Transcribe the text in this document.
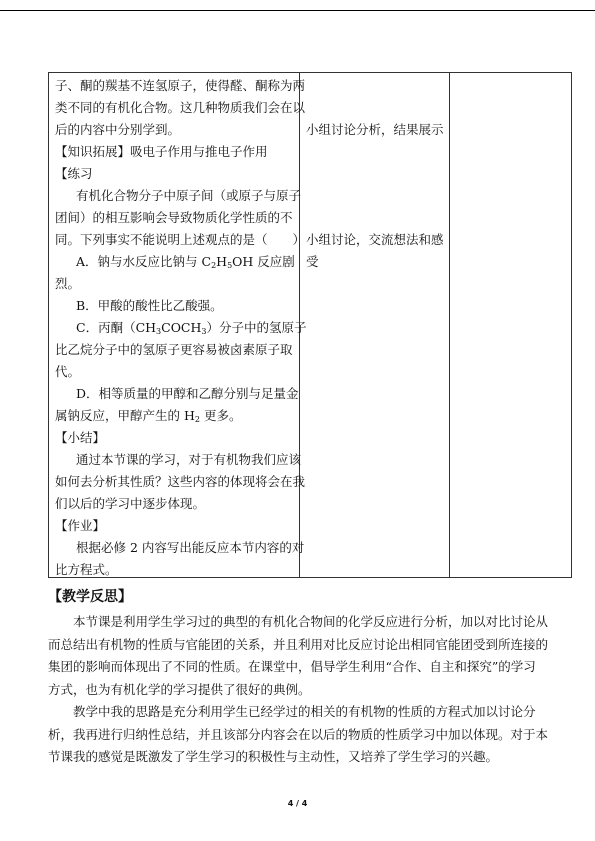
子、酮的羰基不连氢原子，使得醛、酮称为两
类不同的有机化合物。这几种物质我们会在以
后的内容中分别学到。
【知识拓展】吸电子作用与推电子作用
【练习
有机化合物分子中原子间（或原子与原子
团间）的相互影响会导致物质化学性质的不
同。下列事实不能说明上述观点的是（　　）
A．钠与水反应比钠与 $C_2H_5OH$ 反应剧
烈。
B．甲酸的酸性比乙酸强。
C．丙酮$(CH_3COCH_3)$分子中的氢原子
比乙烷分子中的氢原子更容易被卤素原子取
代。
D．相等质量的甲醇和乙醇分别与足量金
属钠反应，甲醇产生的 $H_2$ 更多。
【小结】
通过本节课的学习，对于有机物我们应该
如何去分析其性质？这些内容的体现将会在我
们以后的学习中逐步体现。
【作业】
根据必修 2 内容写出能反应本节内容的对
比方程式。
小组讨论分析，结果展示
小组讨论，交流想法和感
受
【教学反思】
本节课是利用学生学习过的典型的有机化合物间的化学反应进行分析，加以对比讨论从
而总结出有机物的性质与官能团的关系，并且利用对比反应讨论出相同官能团受到所连接的
集团的影响而体现出了不同的性质。在课堂中，倡导学生利用“合作、自主和探究”的学习
方式，也为有机化学的学习提供了很好的典例。
教学中我的思路是充分利用学生已经学过的相关的有机物的性质的方程式加以讨论分
析，我再进行归纳性总结，并且该部分内容会在以后的物质的性质学习中加以体现。对于本
节课我的感觉是既激发了学生学习的积极性与主动性，又培养了学生学习的兴趣。
4 / 4
